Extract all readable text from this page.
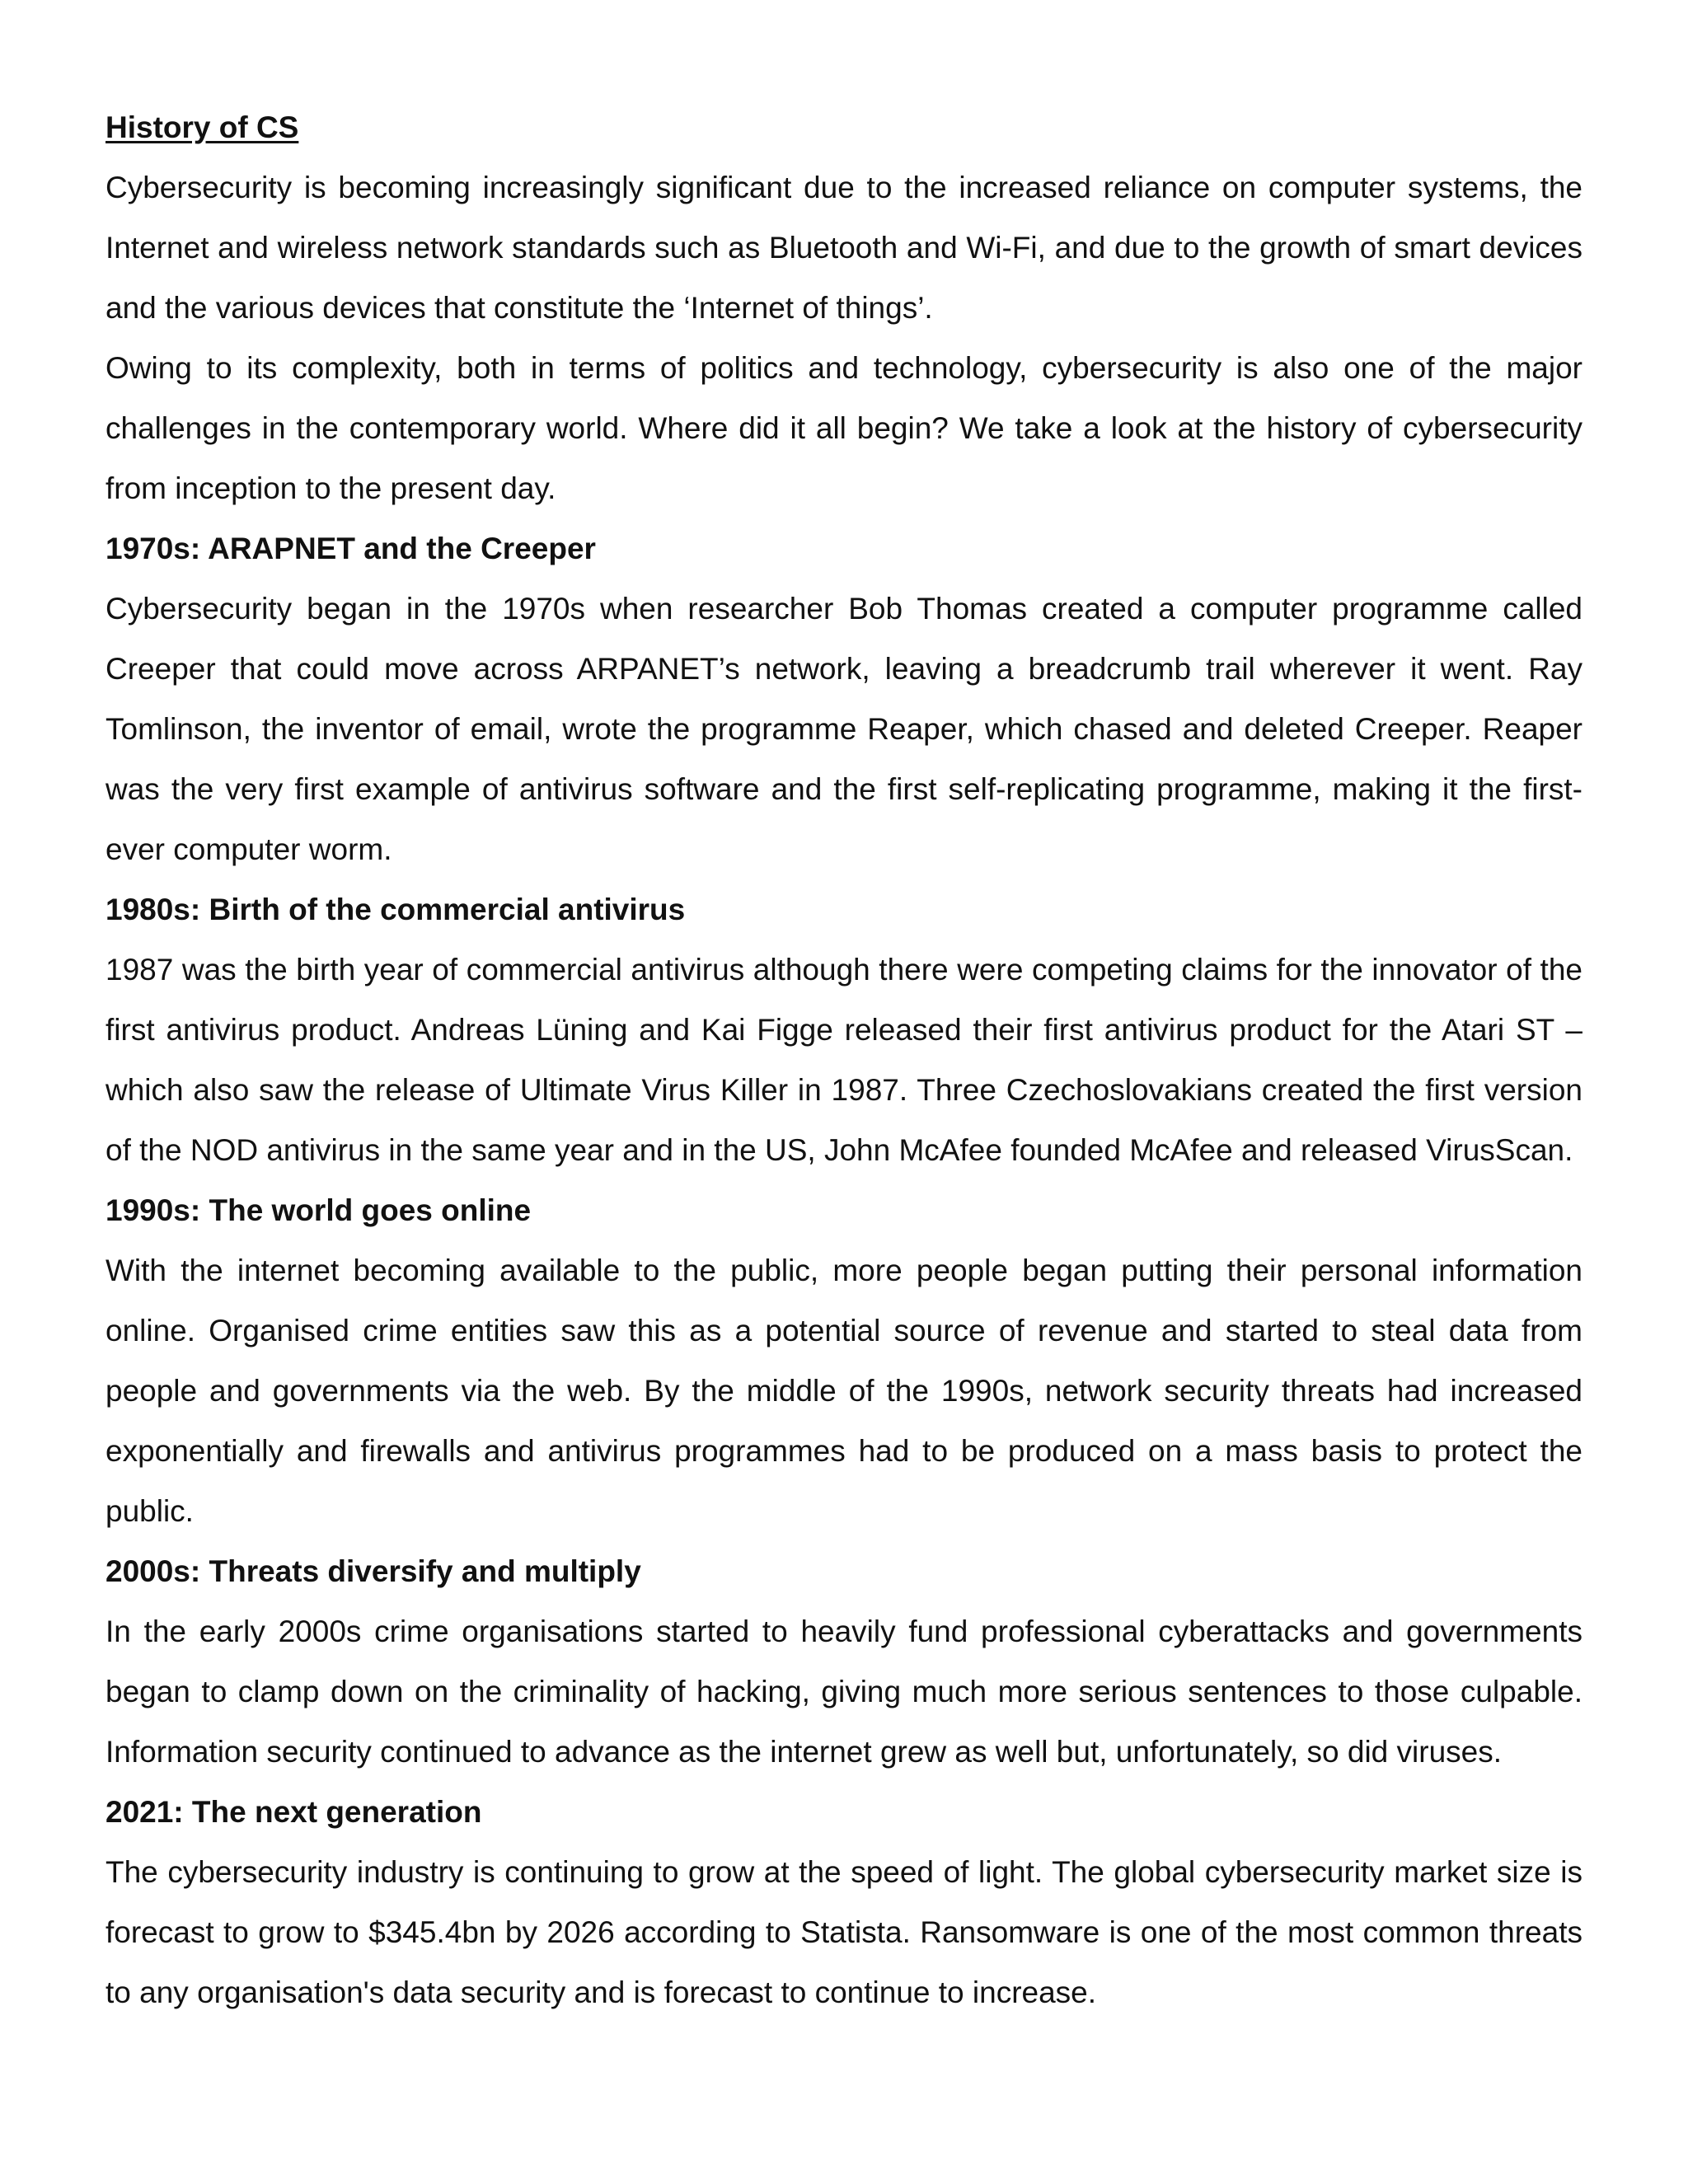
History of CS

Cybersecurity is becoming increasingly significant due to the increased reliance on computer systems, the Internet and wireless network standards such as Bluetooth and Wi-Fi, and due to the growth of smart devices and the various devices that constitute the ‘Internet of things’.

Owing to its complexity, both in terms of politics and technology, cybersecurity is also one of the major challenges in the contemporary world. Where did it all begin? We take a look at the history of cybersecurity from inception to the present day.

1970s: ARAPNET and the Creeper

Cybersecurity began in the 1970s when researcher Bob Thomas created a computer programme called Creeper that could move across ARPANET’s network, leaving a breadcrumb trail wherever it went. Ray Tomlinson, the inventor of email, wrote the programme Reaper, which chased and deleted Creeper. Reaper was the very first example of antivirus software and the first self-replicating programme, making it the first-ever computer worm.

1980s: Birth of the commercial antivirus

1987 was the birth year of commercial antivirus although there were competing claims for the innovator of the first antivirus product. Andreas Lüning and Kai Figge released their first antivirus product for the Atari ST – which also saw the release of Ultimate Virus Killer in 1987. Three Czechoslovakians created the first version of the NOD antivirus in the same year and in the US, John McAfee founded McAfee and released VirusScan.

1990s: The world goes online

With the internet becoming available to the public, more people began putting their personal information online. Organised crime entities saw this as a potential source of revenue and started to steal data from people and governments via the web. By the middle of the 1990s, network security threats had increased exponentially and firewalls and antivirus programmes had to be produced on a mass basis to protect the public.

2000s: Threats diversify and multiply

In the early 2000s crime organisations started to heavily fund professional cyberattacks and governments began to clamp down on the criminality of hacking, giving much more serious sentences to those culpable. Information security continued to advance as the internet grew as well but, unfortunately, so did viruses.

2021: The next generation

The cybersecurity industry is continuing to grow at the speed of light. The global cybersecurity market size is forecast to grow to $345.4bn by 2026 according to Statista. Ransomware is one of the most common threats to any organisation's data security and is forecast to continue to increase.
